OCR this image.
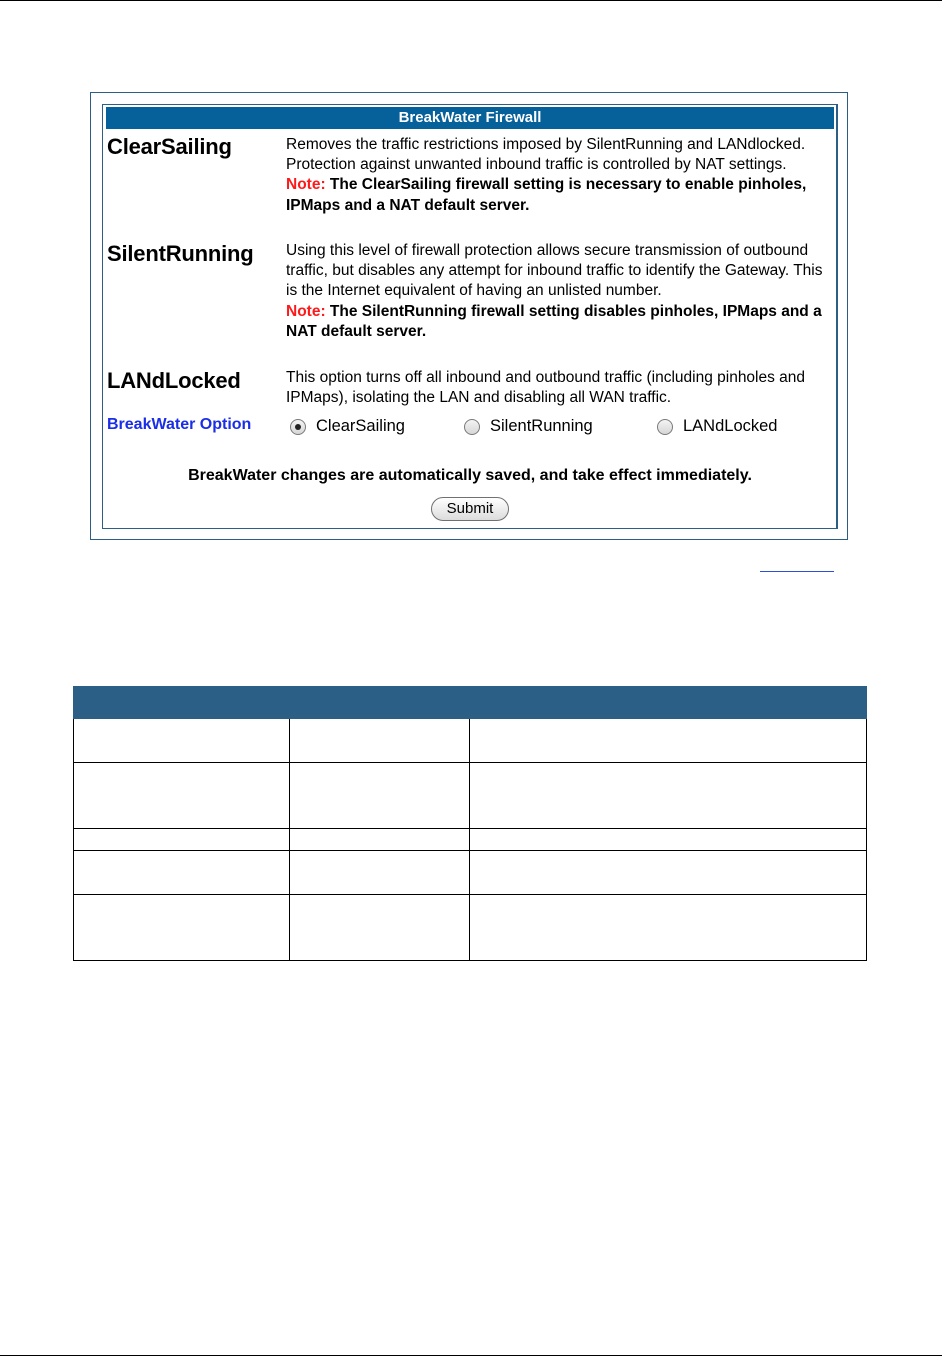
BreakWater Firewall
ClearSailing	Removes the traffic restrictions imposed by SilentRunning and LANdlocked. Protection against unwanted inbound traffic is controlled by NAT settings.
Note: The ClearSailing firewall setting is necessary to enable pinholes, IPMaps and a NAT default server.
SilentRunning Using this level of firewall protection allows secure transmission of outbound traffic, but disables any attempt for inbound traffic to identify the Gateway. This is the Internet equivalent of having an unlisted number.
Note: The SilentRunning firewall setting disables pinholes, IPMaps and a NAT default server.
LANdLocked	This option turns off all inbound and outbound traffic (including pinholes and IPMaps), isolating the LAN and disabling all WAN traffic.
BreakWater Option	ClearSailing	SilentRunning	LANdLocked
BreakWater changes are automatically saved, and take effect immediately.
Submit
